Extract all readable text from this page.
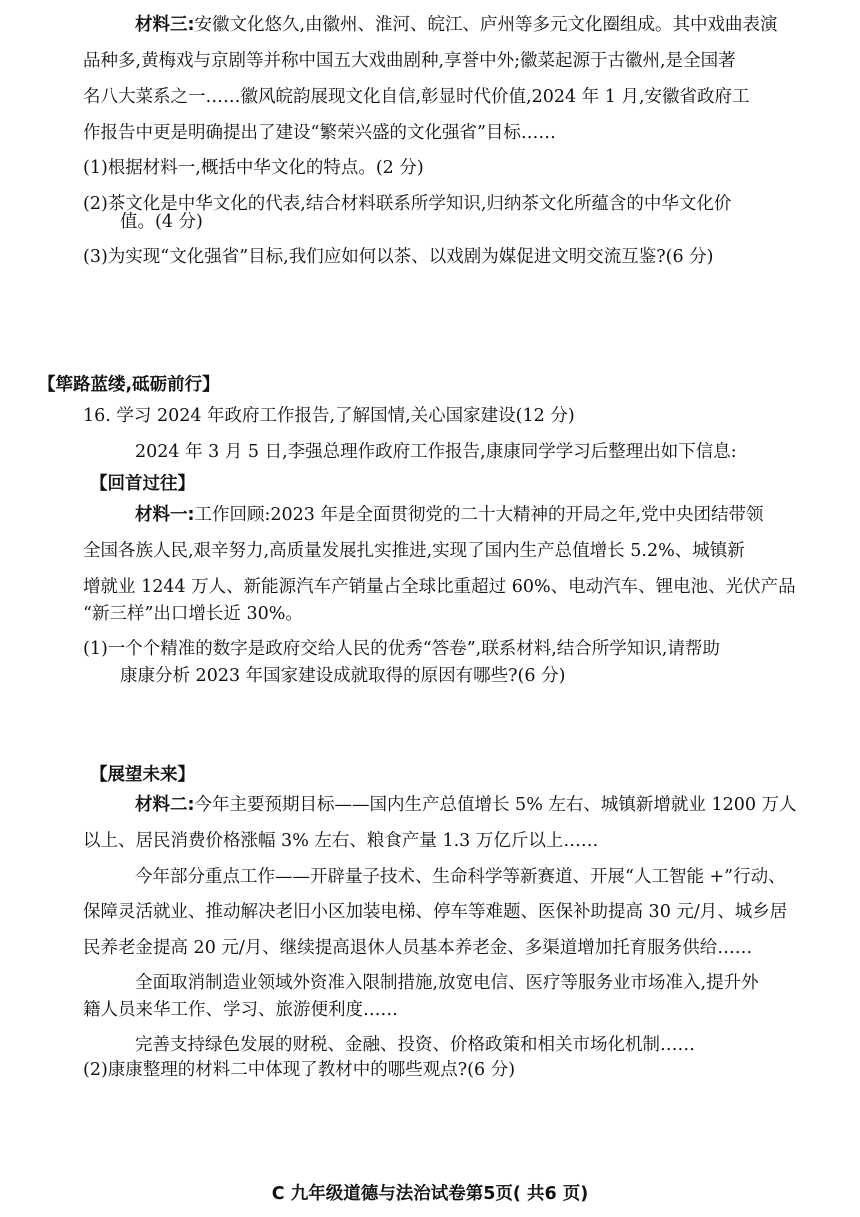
材料三:安徽文化悠久,由徽州、淮河、皖江、庐州等多元文化圈组成。其中戏曲表演
品种多,黄梅戏与京剧等并称中国五大戏曲剧种,享誉中外;徽菜起源于古徽州,是全国著
名八大菜系之一……徽风皖韵展现文化自信,彰显时代价值,2024 年 1 月,安徽省政府工
作报告中更是明确提出了建设“繁荣兴盛的文化强省”目标……
(1)根据材料一,概括中华文化的特点。(2 分)
(2)茶文化是中华文化的代表,结合材料联系所学知识,归纳茶文化所蕴含的中华文化价
值。(4 分)
(3)为实现“文化强省”目标,我们应如何以茶、以戏剧为媒促进文明交流互鉴?(6 分)
【筚路蓝缕,砥砺前行】
16. 学习 2024 年政府工作报告,了解国情,关心国家建设(12 分)
2024 年 3 月 5 日,李强总理作政府工作报告,康康同学学习后整理出如下信息:
【回首过往】
材料一:工作回顾:2023 年是全面贯彻党的二十大精神的开局之年,党中央团结带领
全国各族人民,艰辛努力,高质量发展扎实推进,实现了国内生产总值增长 5.2%、城镇新
增就业 1244 万人、新能源汽车产销量占全球比重超过 60%、电动汽车、锂电池、光伏产品
“新三样”出口增长近 30%。
(1)一个个精准的数字是政府交给人民的优秀“答卷”,联系材料,结合所学知识,请帮助
康康分析 2023 年国家建设成就取得的原因有哪些?(6 分)
【展望未来】
材料二:今年主要预期目标——国内生产总值增长 5% 左右、城镇新增就业 1200 万人
以上、居民消费价格涨幅 3% 左右、粮食产量 1.3 万亿斤以上……
今年部分重点工作——开辟量子技术、生命科学等新赛道、开展“人工智能 +”行动、
保障灵活就业、推动解决老旧小区加装电梯、停车等难题、医保补助提高 30 元/月、城乡居
民养老金提高 20 元/月、继续提高退休人员基本养老金、多渠道增加托育服务供给……
全面取消制造业领域外资准入限制措施,放宽电信、医疗等服务业市场准入,提升外
籍人员来华工作、学习、旅游便利度……
完善支持绿色发展的财税、金融、投资、价格政策和相关市场化机制……
(2)康康整理的材料二中体现了教材中的哪些观点?(6 分)
C 九年级道德与法治试卷第5页( 共6 页)
